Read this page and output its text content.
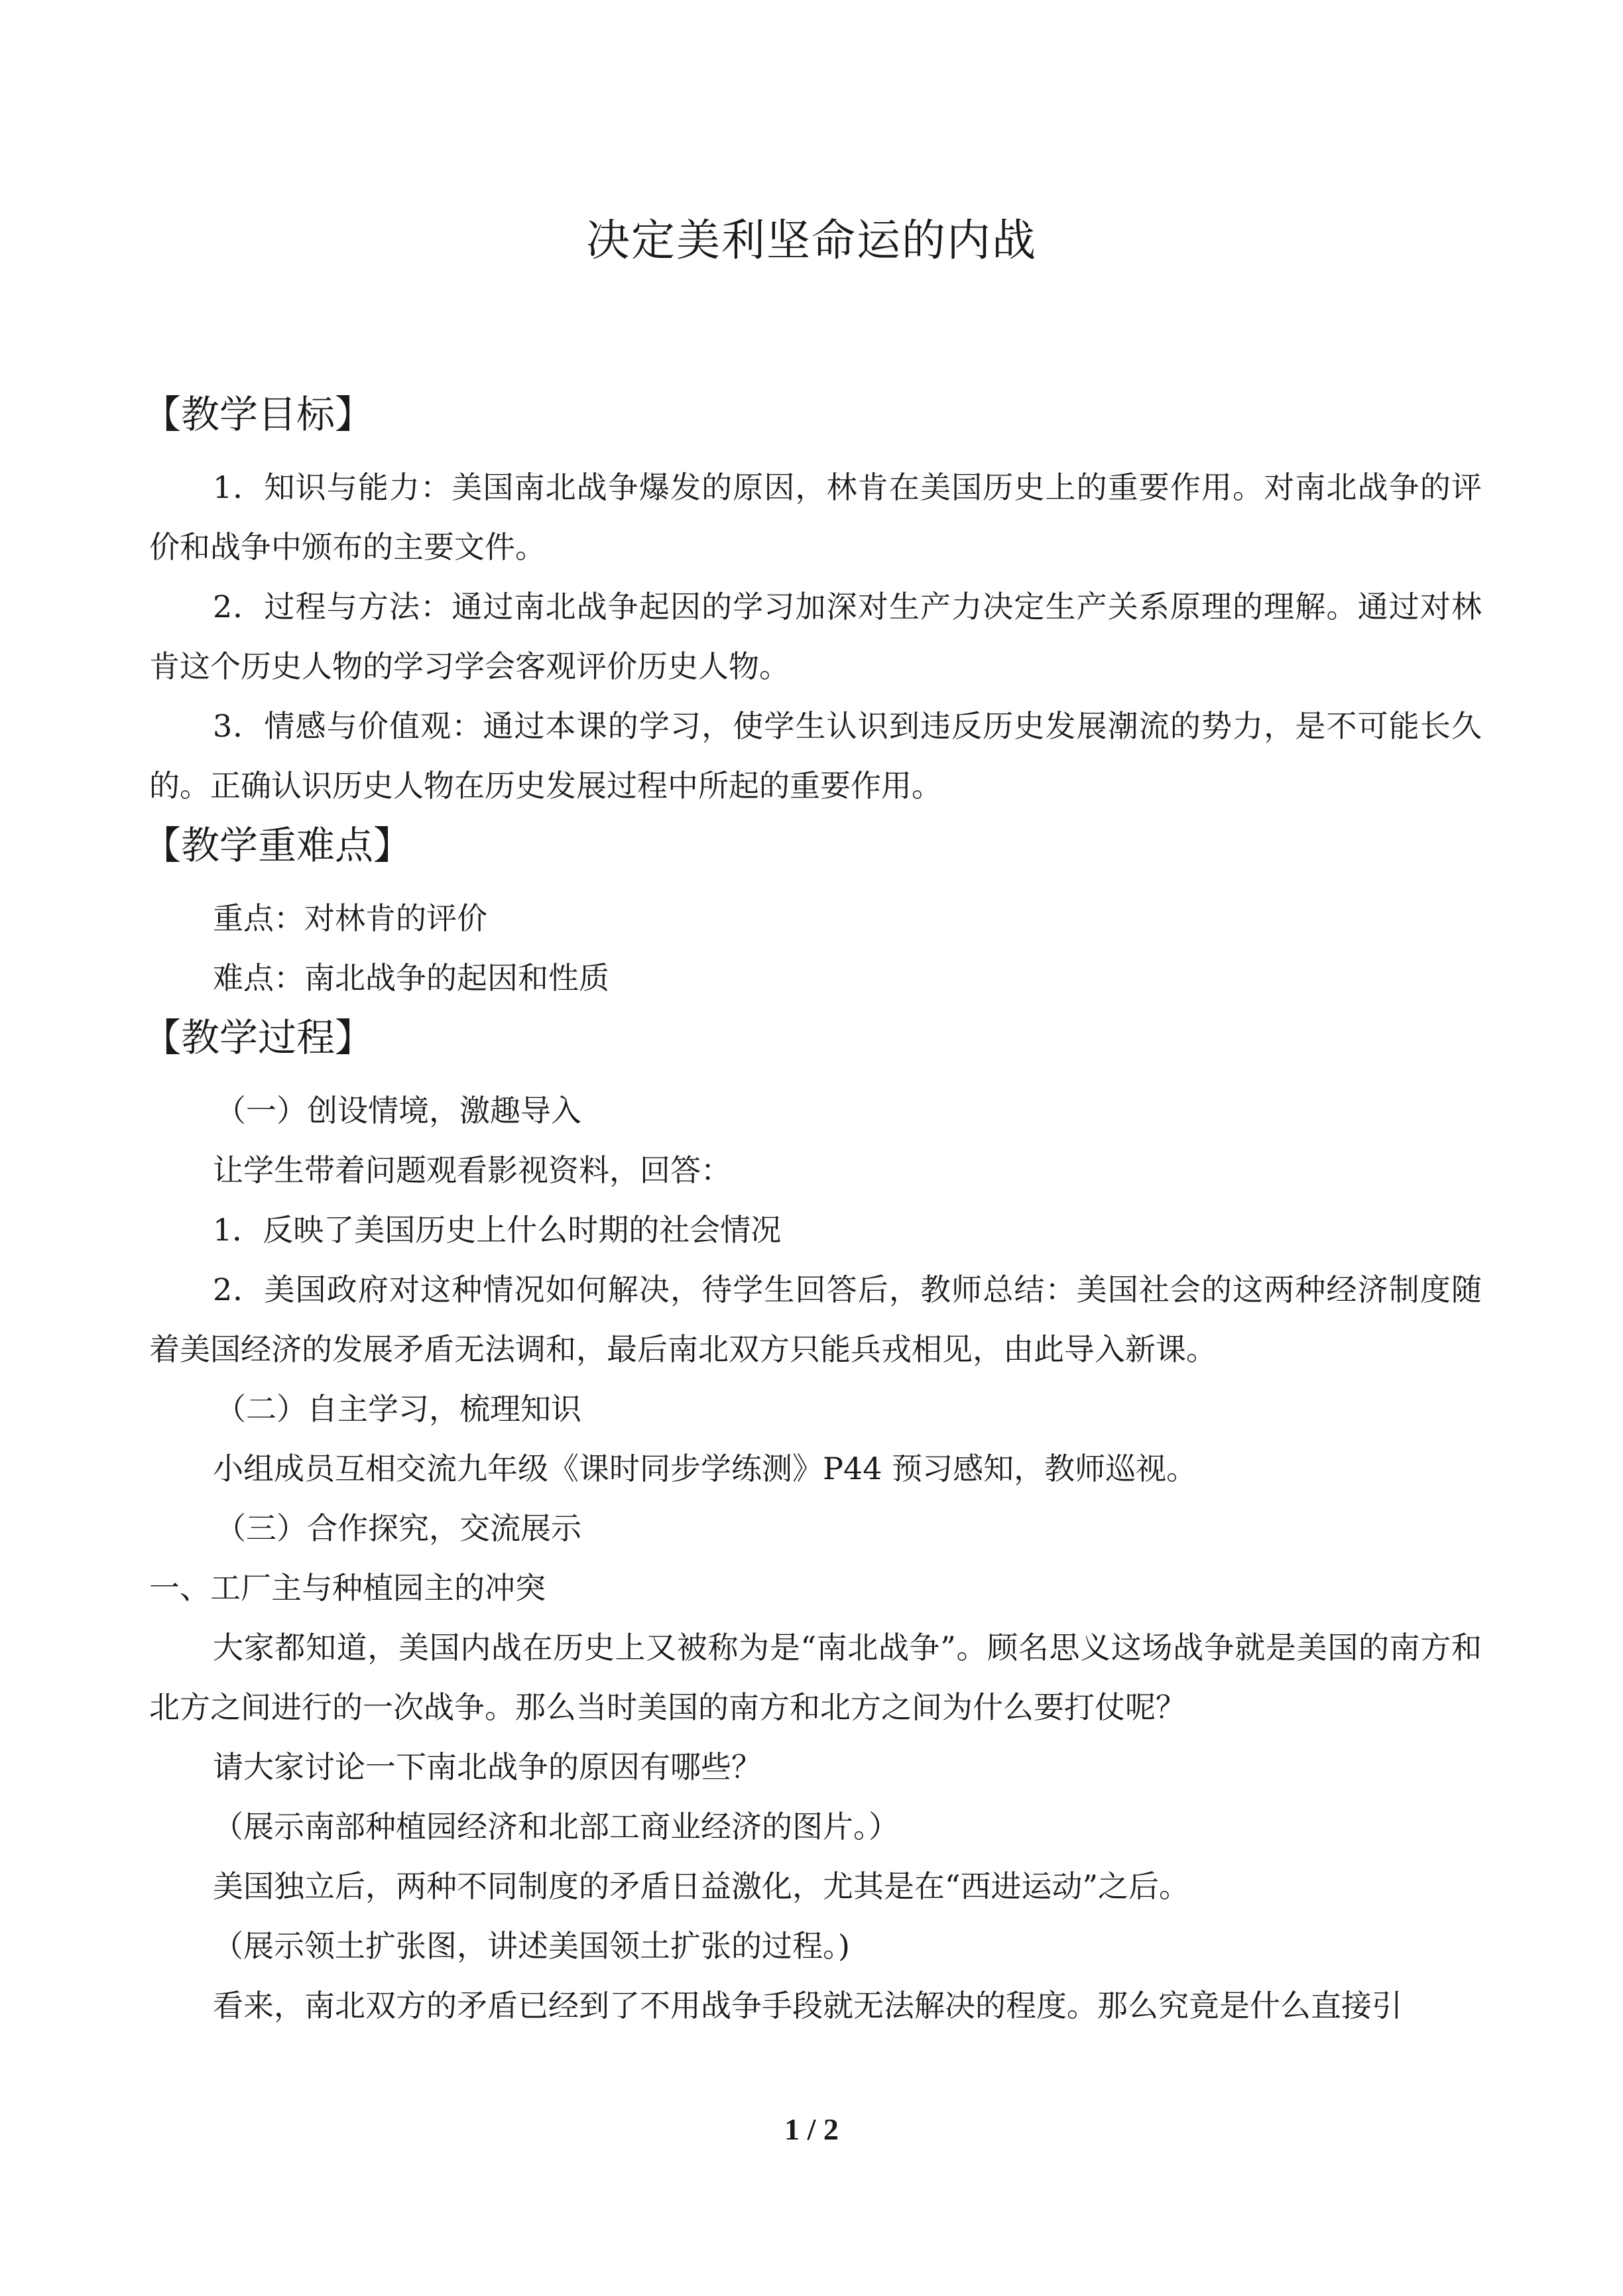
决定美利坚命运的内战
【教学目标】

1．知识与能力：美国南北战争爆发的原因，林肯在美国历史上的重要作用。对南北战争的评价和战争中颁布的主要文件。

2．过程与方法：通过南北战争起因的学习加深对生产力决定生产关系原理的理解。通过对林肯这个历史人物的学习学会客观评价历史人物。

3．情感与价值观：通过本课的学习，使学生认识到违反历史发展潮流的势力，是不可能长久的。正确认识历史人物在历史发展过程中所起的重要作用。

【教学重难点】
重点：对林肯的评价
难点：南北战争的起因和性质
【教学过程】
（一）创设情境，激趣导入
让学生带着问题观看影视资料，回答：
1．反映了美国历史上什么时期的社会情况

2．美国政府对这种情况如何解决，待学生回答后，教师总结：美国社会的这两种经济制度随着美国经济的发展矛盾无法调和，最后南北双方只能兵戎相见，由此导入新课。

（二）自主学习，梳理知识
小组成员互相交流九年级《课时同步学练测》P44 预习感知，教师巡视。
（三）合作探究，交流展示
一、工厂主与种植园主的冲突

大家都知道，美国内战在历史上又被称为是“南北战争”。顾名思义这场战争就是美国的南方和北方之间进行的一次战争。那么当时美国的南方和北方之间为什么要打仗呢？

请大家讨论一下南北战争的原因有哪些？
（展示南部种植园经济和北部工商业经济的图片。）
美国独立后，两种不同制度的矛盾日益激化，尤其是在“西进运动”之后。
（展示领土扩张图，讲述美国领土扩张的过程。)
看来，南北双方的矛盾已经到了不用战争手段就无法解决的程度。那么究竟是什么直接引
1 / 2
